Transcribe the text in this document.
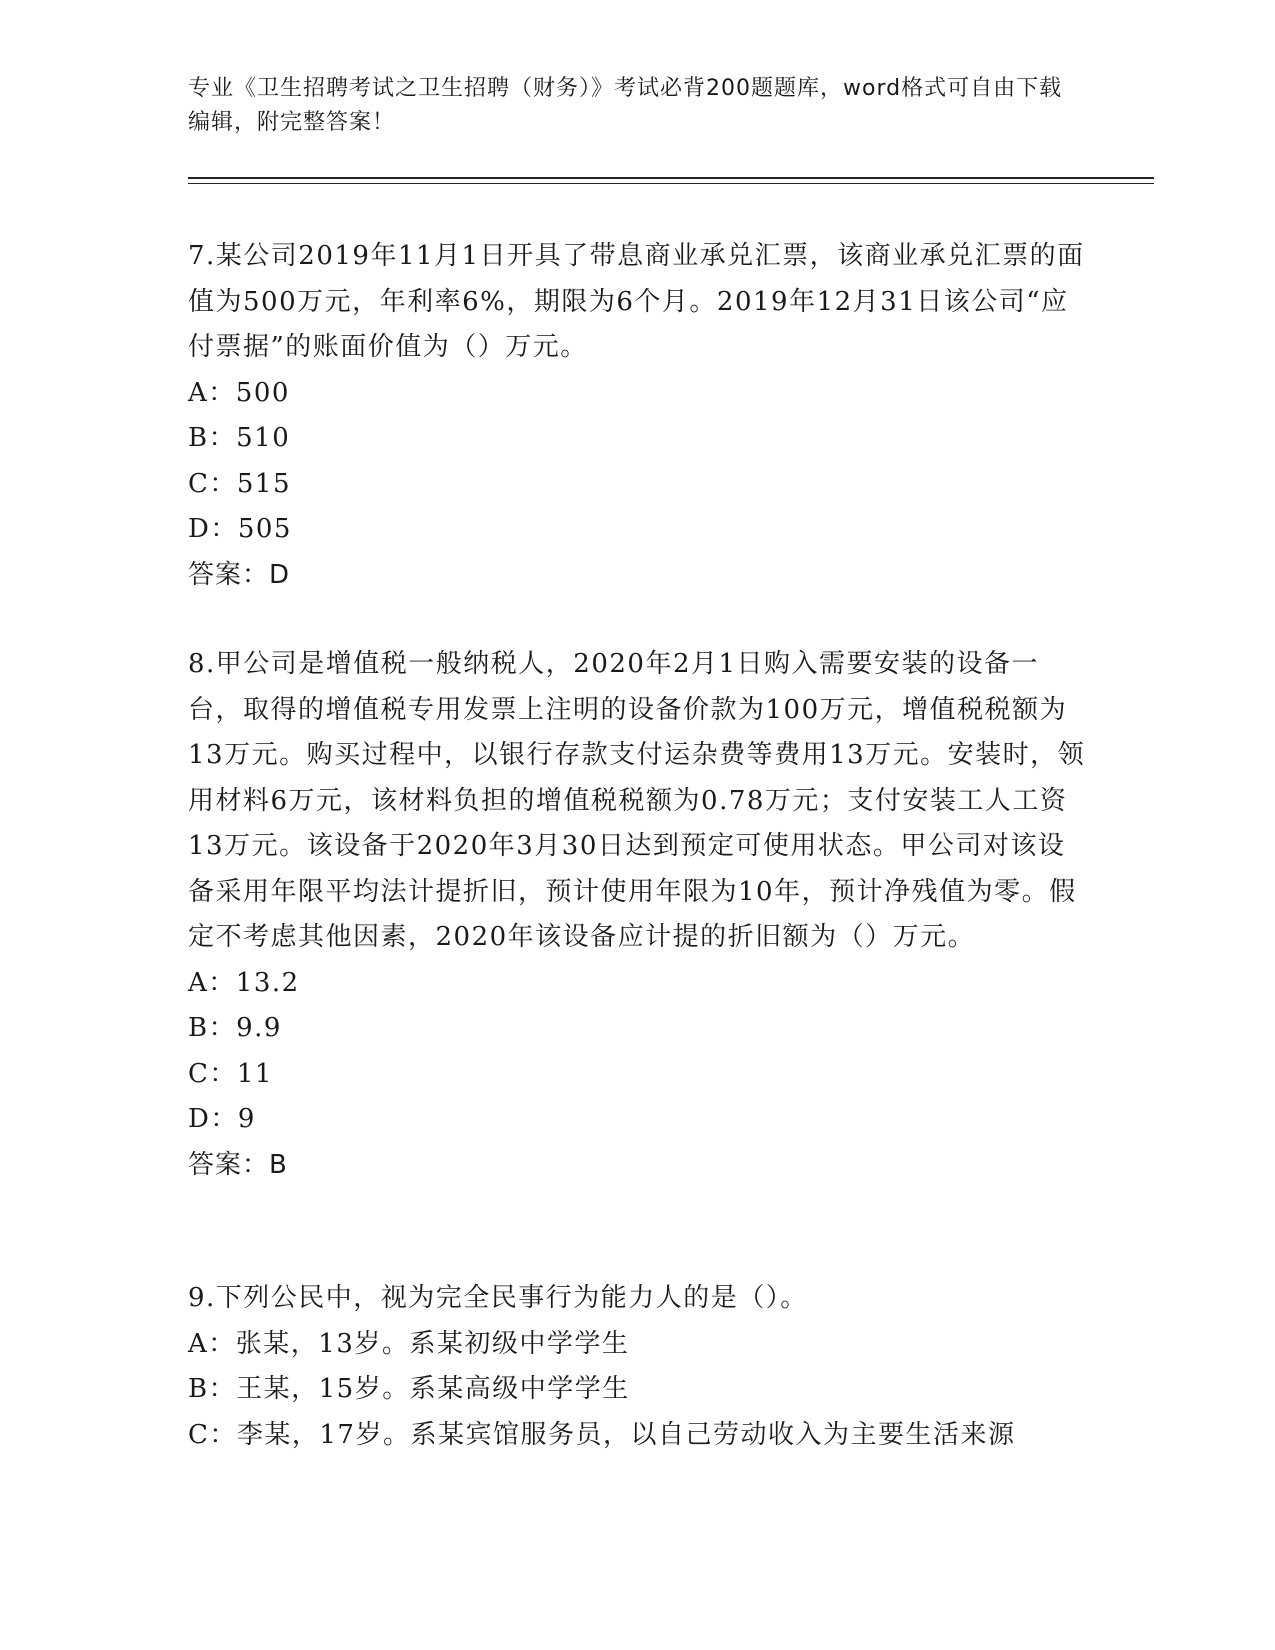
专业《卫生招聘考试之卫生招聘（财务）》考试必背200题题库，word格式可自由下载编辑，附完整答案！

7.某公司2019年11月1日开具了带息商业承兑汇票，该商业承兑汇票的面值为500万元，年利率6%，期限为6个月。2019年12月31日该公司“应付票据”的账面价值为（）万元。

A：500

B：510

C：515

D：505

答案：D

8.甲公司是增值税一般纳税人，2020年2月1日购入需要安装的设备一台，取得的增值税专用发票上注明的设备价款为100万元，增值税税额为13万元。购买过程中，以银行存款支付运杂费等费用13万元。安装时，领用材料6万元，该材料负担的增值税税额为0.78万元；支付安装工人工资13万元。该设备于2020年3月30日达到预定可使用状态。甲公司对该设备采用年限平均法计提折旧，预计使用年限为10年，预计净残值为零。假定不考虑其他因素，2020年该设备应计提的折旧额为（）万元。

A：13.2

B：9.9

C：11

D：9

答案：B

9.下列公民中，视为完全民事行为能力人的是（）。

A：张某，13岁。系某初级中学学生

B：王某，15岁。系某高级中学学生

C：李某，17岁。系某宾馆服务员，以自己劳动收入为主要生活来源
